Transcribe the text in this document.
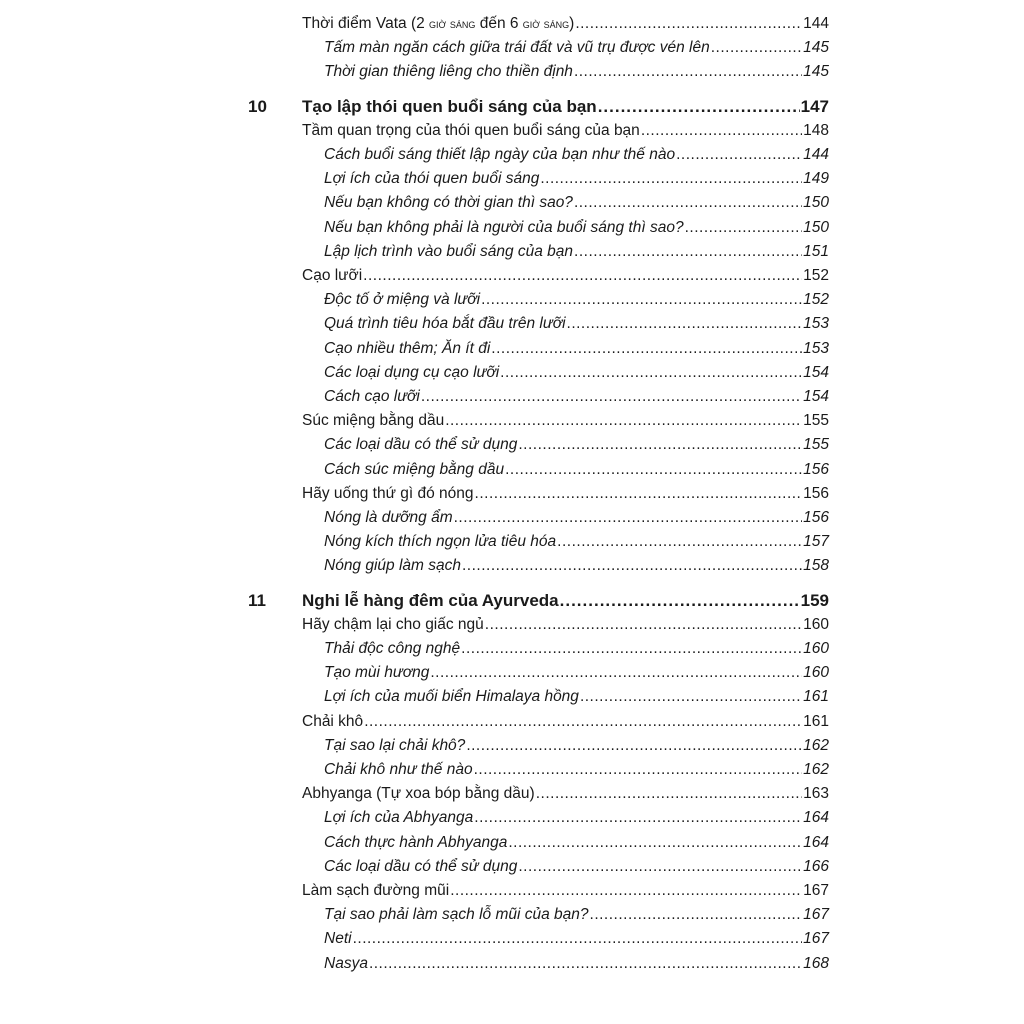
Thời điểm Vata (2 giờ sáng đến 6 giờ sáng) .....	144
Tấm màn ngăn cách giữa trái đất và vũ trụ được vén lên .....	145
Thời gian thiêng liêng cho thiền định .....	145
10	Tạo lập thói quen buổi sáng của bạn .....	147
Tầm quan trọng của thói quen buổi sáng của bạn .....	148
Cách buổi sáng thiết lập ngày của bạn như thế nào .....	144
Lợi ích của thói quen buổi sáng .....	149
Nếu bạn không có thời gian thì sao? .....	150
Nếu bạn không phải là người của buổi sáng thì sao? .....	150
Lập lịch trình vào buổi sáng của bạn .....	151
Cạo lưỡi .....	152
Độc tố ở miệng và lưỡi .....	152
Quá trình tiêu hóa bắt đầu trên lưỡi .....	153
Cạo nhiều thêm; Ăn ít đi .....	153
Các loại dụng cụ cạo lưỡi .....	154
Cách cạo lưỡi .....	154
Súc miệng bằng dầu .....	155
Các loại dầu có thể sử dụng .....	155
Cách súc miệng bằng dầu .....	156
Hãy uống thứ gì đó nóng .....	156
Nóng là dưỡng ẩm .....	156
Nóng kích thích ngọn lửa tiêu hóa .....	157
Nóng giúp làm sạch .....	158
11	Nghi lễ hàng đêm của Ayurveda .....	159
Hãy chậm lại cho giấc ngủ .....	160
Thải độc công nghệ .....	160
Tạo mùi hương .....	160
Lợi ích của muối biển Himalaya hồng .....	161
Chải khô .....	161
Tại sao lại chải khô? .....	162
Chải khô như thế nào .....	162
Abhyanga (Tự xoa bóp bằng dầu) .....	163
Lợi ích của Abhyanga .....	164
Cách thực hành Abhyanga .....	164
Các loại dầu có thể sử dụng .....	166
Làm sạch đường mũi .....	167
Tại sao phải làm sạch lỗ mũi của bạn? .....	167
Neti .....	167
Nasya .....	168
